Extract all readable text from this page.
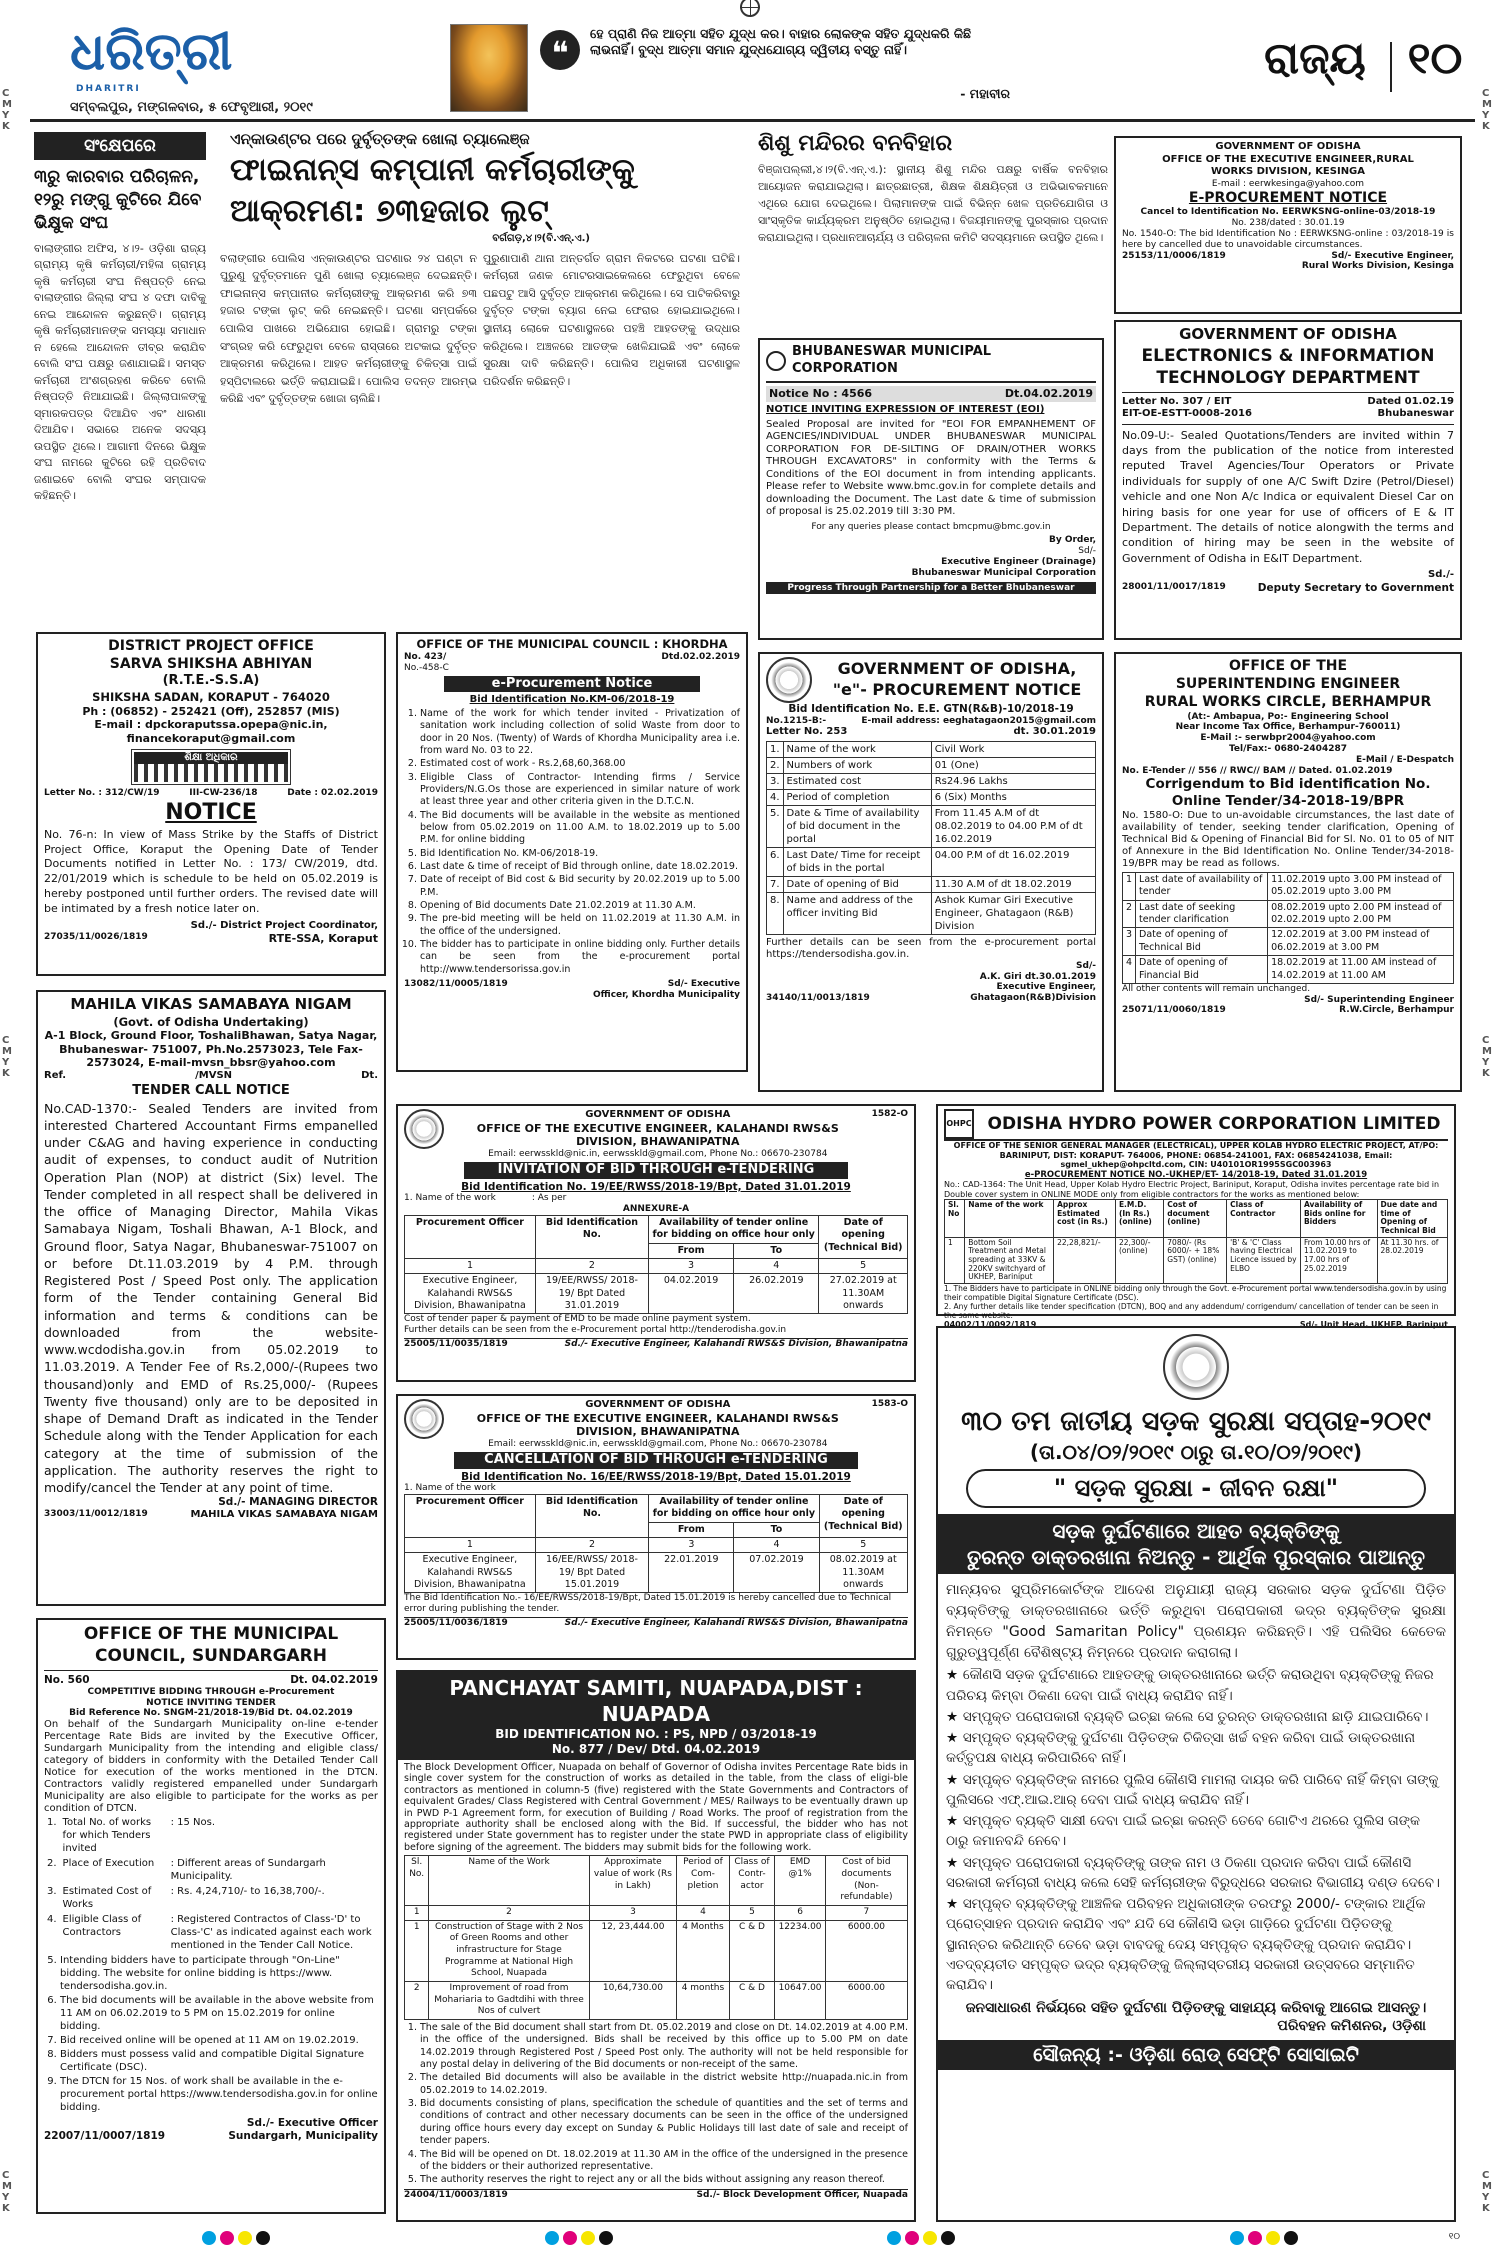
C
M
Y
K
C
M
Y
K
C
M
Y
K
C
M
Y
K
C
M
Y
K
C
M
Y
K
ଧରିତ୍ରୀ
DHARITRI
ସମ୍ବଲପୁର, ମଙ୍ଗଳବାର, ୫ ଫେବୃଆରୀ, ୨୦୧୯
❝
ହେ ପ୍ରାଣି ନିଜ ଆତ୍ମା ସହିତ ଯୁଦ୍ଧ କର। ବାହାର ଲୋକଙ୍କ ସହିତ ଯୁଦ୍ଧକରି କିଛି ଲାଭନାହିଁ। ବୁଦ୍ଧ ଆତ୍ମା ସମାନ ଯୁଦ୍ଧଯୋଗ୍ୟ ଦ୍ୱିତୀୟ ବସ୍ତୁ ନାହିଁ।
- ମହାବୀର
ରାଜ୍ୟ ୧୦
ସଂକ୍ଷେପରେ
୩ରୁ କାରବାର ପରିଚାଳନ, ୧୨ରୁ ମଙ୍ଗୁ କୁଟିରେ ଯିବେ ଭିକ୍ଷୁକ ସଂଘ
ବାଲାଙ୍ଗୀର ଅଫିସ, ୪।୨- ଓଡ଼ିଶା ରାଜ୍ୟ ଗ୍ରାମ୍ୟ କୃଷି କର୍ମଚାରୀ/ମହିଳା ଗ୍ରାମ୍ୟ କୃଷି କର୍ମଚାରୀ ସଂଘ ନିଷ୍ପତ୍ତି ନେଇ ବାଲାଙ୍ଗୀର ଜିଲ୍ଲା ସଂଘ ୪ ଦଫା ଦାବିକୁ ନେଇ ଆନ୍ଦୋଳନ କରୁଛନ୍ତି। ଗ୍ରାମ୍ୟ କୃଷି କର୍ମଚାରୀମାନଙ୍କ ସମସ୍ୟା ସମାଧାନ ନ ହେଲେ ଆନ୍ଦୋଳନ ତୀବ୍ର କରାଯିବ ବୋଲି ସଂଘ ପକ୍ଷରୁ ଜଣାଯାଇଛି। ସମସ୍ତ କର୍ମଚାରୀ ଅଂଶଗ୍ରହଣ କରିବେ ବୋଲି ନିଷ୍ପତ୍ତି ନିଆଯାଇଛି। ଜିଲ୍ଲାପାଳଙ୍କୁ ସ୍ମାରକପତ୍ର ଦିଆଯିବ ଏବଂ ଧାରଣା ଦିଆଯିବ। ସଭାରେ ଅନେକ ସଦସ୍ୟ ଉପସ୍ଥିତ ଥିଲେ। ଆଗାମୀ ଦିନରେ ଭିକ୍ଷୁକ ସଂଘ ନାମରେ କୁଟିରେ ରହି ପ୍ରତିବାଦ ଜଣାଇବେ ବୋଲି ସଂଘର ସମ୍ପାଦକ କହିଛନ୍ତି।
ଏନ୍‌କାଉଣ୍ଟର ପରେ ଦୁର୍ବୃତ୍ତଙ୍କ ଖୋଲା ଚ୍ୟାଲେଞ୍ଜ
ଫାଇନାନ୍ସ କମ୍ପାନୀ କର୍ମଚାରୀଙ୍କୁ
ଆକ୍ରମଣ: ୭୩ହଜାର ଲୁଟ୍
ବର୍ଗଗଡ଼,୪।୨(ବି.ଏନ୍.ଏ.)
ବଲାଙ୍ଗୀର ପୋଲିସ ଏନ୍‌କାଉଣ୍ଟର ଘଟଣାର ୨୪ ଘଣ୍ଟା ନ ପୁରୁଣୁ ଦୁର୍ବୃତ୍ତମାନେ ପୁଣି ଖୋଲା ଚ୍ୟାଲେଞ୍ଜ ଦେଇଛନ୍ତି। ଫାଇନାନ୍ସ କମ୍ପାନୀର କର୍ମଚାରୀଙ୍କୁ ଆକ୍ରମଣ କରି ୭୩ ହଜାର ଟଙ୍କା ଲୁଟ୍ କରି ନେଇଛନ୍ତି। ଘଟଣା ସମ୍ପର୍କରେ ପୋଲିସ ପାଖରେ ଅଭିଯୋଗ ହୋଇଛି। ଗ୍ରାମରୁ ଟଙ୍କା ସଂଗ୍ରହ କରି ଫେରୁଥିବା ବେଳେ ରାସ୍ତାରେ ଅଟକାଇ ଦୁର୍ବୃତ୍ତ ଆକ୍ରମଣ କରିଥିଲେ। ଆହତ କର୍ମଚାରୀଙ୍କୁ ଚିକିତ୍ସା ପାଇଁ ହସ୍ପିଟାଲରେ ଭର୍ତ୍ତି କରାଯାଇଛି। ପୋଲିସ ତଦନ୍ତ ଆରମ୍ଭ କରିଛି ଏବଂ ଦୁର୍ବୃତ୍ତଙ୍କ ଖୋଜା ଚାଲିଛି।
ପୁରୁଣାପାଣି ଥାନା ଅନ୍ତର୍ଗତ ଗ୍ରାମ ନିକଟରେ ଘଟଣା ଘଟିଛି। କର୍ମଚାରୀ ଜଣକ ମୋଟରସାଇକେଲରେ ଫେରୁଥିବା ବେଳେ ପଛପଟୁ ଆସି ଦୁର୍ବୃତ୍ତ ଆକ୍ରମଣ କରିଥିଲେ। ସେ ପାଟିକରିବାରୁ ଦୁର୍ବୃତ୍ତ ଟଙ୍କା ବ୍ୟାଗ ନେଇ ଫେରାର ହୋଇଯାଇଥିଲେ। ସ୍ଥାନୀୟ ଲୋକେ ଘଟଣାସ୍ଥଳରେ ପହଞ୍ଚି ଆହତଙ୍କୁ ଉଦ୍ଧାର କରିଥିଲେ। ଅଞ୍ଚଳରେ ଆତଙ୍କ ଖେଳିଯାଇଛି ଏବଂ ଲୋକେ ସୁରକ୍ଷା ଦାବି କରିଛନ୍ତି। ପୋଲିସ ଅଧିକାରୀ ଘଟଣାସ୍ଥଳ ପରିଦର୍ଶନ କରିଛନ୍ତି।
ଶିଶୁ ମନ୍ଦିରର ବନବିହାର
ବିଞ୍ଜାପଲ୍ଲୀ,୪।୨(ବି.ଏନ୍.ଏ.): ସ୍ଥାନୀୟ ଶିଶୁ ମନ୍ଦିର ପକ୍ଷରୁ ବାର୍ଷିକ ବନବିହାର ଆୟୋଜନ କରାଯାଇଥିଲା। ଛାତ୍ରଛାତ୍ରୀ, ଶିକ୍ଷକ ଶିକ୍ଷୟିତ୍ରୀ ଓ ଅଭିଭାବକମାନେ ଏଥିରେ ଯୋଗ ଦେଇଥିଲେ। ପିଲାମାନଙ୍କ ପାଇଁ ବିଭିନ୍ନ ଖେଳ ପ୍ରତିଯୋଗିତା ଓ ସାଂସ୍କୃତିକ କାର୍ଯ୍ୟକ୍ରମ ଅନୁଷ୍ଠିତ ହୋଇଥିଲା। ବିଜୟୀମାନଙ୍କୁ ପୁରସ୍କାର ପ୍ରଦାନ କରାଯାଇଥିଲା। ପ୍ରଧାନଆଚାର୍ଯ୍ୟ ଓ ପରିଚାଳନା କମିଟି ସଦସ୍ୟମାନେ ଉପସ୍ଥିତ ଥିଲେ।
BHUBANESWAR MUNICIPAL CORPORATION
Notice No : 4566	Dt.04.02.2019
NOTICE INVITING EXPRESSION OF INTEREST (EOI)
Sealed Proposal are invited for "EOI FOR EMPANHEMENT OF AGENCIES/INDIVIDUAL UNDER BHUBANESWAR MUNICIPAL CORPORATION FOR DE-SILTING OF DRAIN/OTHER WORKS THROUGH EXCAVATORS" in conformity with the Terms & Conditions of the EOI document in from intending applicants. Please refer to Website www.bmc.gov.in for complete details and downloading the Document. The Last date & time of submission of proposal is 25.02.2019 till 3:30 PM.
For any queries please contact bmcpmu@bmc.gov.in
By Order,
Sd/-
Executive Engineer (Drainage)
Bhubaneswar Municipal Corporation
Progress Through Partnership for a Better Bhubaneswar
GOVERNMENT OF ODISHA
OFFICE OF THE EXECUTIVE ENGINEER,RURAL
WORKS DIVISION, KESINGA
E-mail : eerwkesinga@yahoo.com
E-PROCUREMENT NOTICE
Cancel to Identification No. EERWKSNG-online-03/2018-19
No. 238/dated : 30.01.19
No. 1540-O: The bid Identification No : EERWKSNG-online : 03/2018-19 is here by cancelled due to unavoidable circumstances.
25153/11/0006/1819	Sd/- Executive Engineer,
Rural Works Division, Kesinga
GOVERNMENT OF ODISHA
ELECTRONICS & INFORMATION
TECHNOLOGY DEPARTMENT
Letter No. 307 / EIT	Dated 01.02.19
EIT-OE-ESTT-0008-2016	Bhubaneswar
No.09-U:- Sealed Quotations/Tenders are invited within 7 days from the publication of the notice from interested reputed Travel Agencies/Tour Operators or Private individuals for supply of one A/C Swift Dzire (Petrol/Diesel) vehicle and one Non A/c Indica or equivalent Diesel Car on hiring basis for one year for use of officers of E & IT Department. The details of notice alongwith the terms and condition of hiring may be seen in the website of Government of Odisha in E&IT Department.
Sd./-
28001/11/0017/1819	Deputy Secretary to Government
DISTRICT PROJECT OFFICE
SARVA SHIKSHA ABHIYAN
(R.T.E.-S.S.A)
SHIKSHA SADAN, KORAPUT - 764020
Ph : (06852) - 252421 (Off), 252857 (MIS)
E-mail : dpckoraputssa.opepa@nic.in,
financekoraput@gmail.com
ଶିକ୍ଷା ଅଧିକାର
Letter No. : 312/CW/19	III-CW-236/18	Date : 02.02.2019
NOTICE
No. 76-n: In view of Mass Strike by the Staffs of District Project Office, Koraput the Opening Date of Tender Documents notified in Letter No. : 173/ CW/2019, dtd. 22/01/2019 which is schedule to be held on 05.02.2019 is hereby postponed until further orders. The revised date will be intimated by a fresh notice later on.
Sd./- District Project Coordinator,
27035/11/0026/1819	RTE-SSA, Koraput
OFFICE OF THE MUNICIPAL COUNCIL : KHORDHA
No. 423/	Dtd.02.02.2019
No.-458-C
e-Procurement Notice
Bid Identification No.KM-06/2018-19
1. Name of the work for which tender invited - Privatization of sanitation work including collection of solid Waste from door to door in 20 Nos. (Twenty) of Wards of Khordha Municipality area i.e. from ward No. 03 to 22.
2. Estimated cost of work - Rs.2,68,60,368.00
3. Eligible Class of Contractor- Intending firms / Service Providers/N.G.Os those are experienced in similar nature of work at least three year and other criteria given in the D.T.C.N.
4. The Bid documents will be available in the website as mentioned below from 05.02.2019 on 11.00 A.M. to 18.02.2019 up to 5.00 P.M. for online bidding
5. Bid Identification No. KM-06/2018-19.
6. Last date & time of receipt of Bid through online, date 18.02.2019.
7. Date of receipt of Bid cost & Bid security by 20.02.2019 up to 5.00 P.M.
8. Opening of Bid documents Date 21.02.2019 at 11.30 A.M.
9. The pre-bid meeting will be held on 11.02.2019 at 11.30 A.M. in the office of the undersigned.
10. The bidder has to participate in online bidding only. Further details can be seen from the e-procurement portal http://www.tendersorissa.gov.in
13082/11/0005/1819	Sd/- Executive
Officer, Khordha Municipality
GOVERNMENT OF ODISHA,
"e"- PROCUREMENT NOTICE
Bid Identification No. E.E. GTN(R&B)-10/2018-19
No.1215-B:-	E-mail address: eeghatagaon2015@gmail.com
Letter No. 253	dt. 30.01.2019
1.	Name of the work	Civil Work
2.	Numbers of work	01 (One)
3.	Estimated cost	Rs24.96 Lakhs
4.	Period of completion	6 (Six) Months
5.	Date & Time of availability of bid document in the portal	From 11.45 A.M of dt 08.02.2019 to 04.00 P.M of dt 16.02.2019
6.	Last Date/ Time for receipt of bids in the portal	04.00 P.M of dt 16.02.2019
7.	Date of opening of Bid	11.30 A.M of dt 18.02.2019
8.	Name and address of the officer inviting Bid	Ashok Kumar Giri Executive Engineer, Ghatagaon (R&B) Division
Further details can be seen from the e-procurement portal https://tendersodisha.gov.in.
Sd/-
A.K. Giri dt.30.01.2019
Executive Engineer,
34140/11/0013/1819	Ghatagaon(R&B)Division
OFFICE OF THE
SUPERINTENDING ENGINEER
RURAL WORKS CIRCLE, BERHAMPUR
(At:- Ambapua, Po:- Engineering School
Near Income Tax Office, Berhampur-760011)
E-Mail :- serwbpr2004@yahoo.com
Tel/Fax:- 0680-2404287
E-Mail / E-Despatch
No. E-Tender // 556 // RWC// BAM // Dated. 01.02.2019
Corrigendum to Bid identification No. Online Tender/34-2018-19/BPR
No. 1580-O: Due to un-avoidable circumstances, the last date of availability of tender, seeking tender clarification, Opening of Technical Bid & Opening of Financial Bid for Sl. No. 01 to 05 of NIT of Annexure in the Bid Identification No. Online Tender/34-2018-19/BPR may be read as follows.
1	Last date of availability of tender	11.02.2019 upto 3.00 PM instead of 05.02.2019 upto 3.00 PM
2	Last date of seeking tender clarification	08.02.2019 upto 2.00 PM instead of 02.02.2019 upto 2.00 PM
3	Date of opening of Technical Bid	12.02.2019 at 3.00 PM instead of 06.02.2019 at 3.00 PM
4	Date of opening of Financial Bid	18.02.2019 at 11.00 AM instead of 14.02.2019 at 11.00 AM
All other contents will remain unchanged.
Sd/- Superintending Engineer
25071/11/0060/1819	R.W.Circle, Berhampur
MAHILA VIKAS SAMABAYA NIGAM
(Govt. of Odisha Undertaking)
A-1 Block, Ground Floor, ToshaliBhawan, Satya Nagar, Bhubaneswar- 751007, Ph.No.2573023, Tele Fax- 2573024, E-mail-mvsn_bbsr@yahoo.com
Ref.	/MVSN	Dt.
TENDER CALL NOTICE
No.CAD-1370:- Sealed Tenders are invited from interested Chartered Accountant Firms empanelled under C&AG and having experience in conducting audit of expenses, to conduct audit of Nutrition Operation Plan (NOP) at district (Six) level. The Tender completed in all respect shall be delivered in the office of Managing Director, Mahila Vikas Samabaya Nigam, Toshali Bhawan, A-1 Block, and Ground floor, Satya Nagar, Bhubaneswar-751007 on or before Dt.11.03.2019 by 4 P.M. through Registered Post / Speed Post only. The application form of the Tender containing General Bid information and terms & conditions can be downloaded from the website- www.wcdodisha.gov.in from 05.02.2019 to 11.03.2019. A Tender Fee of Rs.2,000/-(Rupees two thousand)only and EMD of Rs.25,000/- (Rupees Twenty five thousand) only are to be deposited in shape of Demand Draft as indicated in the Tender Schedule along with the Tender Application for each category at the time of submission of the application. The authority reserves the right to modify/cancel the Tender at any point of time.
Sd./- MANAGING DIRECTOR
33003/11/0012/1819	MAHILA VIKAS SAMABAYA NIGAM
GOVERNMENT OF ODISHA
OFFICE OF THE EXECUTIVE ENGINEER, KALAHANDI RWS&S DIVISION, BHAWANIPATNA
Email: eerwsskld@nic.in, eerwsskld@gmail.com, Phone No.: 06670-230784
1582-O
INVITATION OF BID THROUGH e-TENDERING
Bid Identification No. 19/EE/RWSS/2018-19/Bpt, Dated 31.01.2019
1. Name of the work	: As per
ANNEXURE-A
Procurement Officer	Bid Identification No.	Availability of tender online for bidding on office hour only		Date of opening (Technical Bid)
		From	To	
1	2	3	4	5
Executive Engineer, Kalahandi RWS&S Division, Bhawanipatna	19/EE/RWSS/ 2018-19/ Bpt Dated 31.01.2019	04.02.2019	26.02.2019	27.02.2019 at 11.30AM onwards
Cost of tender paper & payment of EMD to be made online payment system.
Further details can be seen from the e-Procurement portal http://tenderodisha.gov.in
25005/11/0035/1819	Sd./- Executive Engineer, Kalahandi RWS&S Division, Bhawanipatna
GOVERNMENT OF ODISHA
OFFICE OF THE EXECUTIVE ENGINEER, KALAHANDI RWS&S DIVISION, BHAWANIPATNA
Email: eerwsskld@nic.in, eerwsskld@gmail.com, Phone No.: 06670-230784
1583-O
CANCELLATION OF BID THROUGH e-TENDERING
Bid Identification No. 16/EE/RWSS/2018-19/Bpt, Dated 15.01.2019
1. Name of the work
Procurement Officer	Bid Identification No.	Availability of tender online for bidding on office hour only		Date of opening (Technical Bid)
		From	To	
1	2	3	4	5
Executive Engineer, Kalahandi RWS&S Division, Bhawanipatna	16/EE/RWSS/ 2018- 19/ Bpt Dated 15.01.2019	22.01.2019	07.02.2019	08.02.2019 at 11.30AM onwards
The Bid Identification No.- 16/EE/RWSS/2018-19/Bpt, Dated 15.01.2019 is hereby cancelled due to Technical error during publishing the tender.
25005/11/0036/1819	Sd./- Executive Engineer, Kalahandi RWS&S Division, Bhawanipatna
OHPC ODISHA HYDRO POWER CORPORATION LIMITED
OFFICE OF THE SENIOR GENERAL MANAGER (ELECTRICAL), UPPER KOLAB HYDRO ELECTRIC PROJECT, AT/PO: BARINIPUT, DIST: KORAPUT- 764006, PHONE: 06854-241001, FAX: 06854241038, Email: sgmel_ukhep@ohpcltd.com, CIN: U40101OR1995SGC003963
e-PROCUREMENT NOTICE NO.-UKHEP/ET- 14/2018-19, Dated 31.01.2019
No.: CAD-1364: The Unit Head, Upper Kolab Hydro Electric Project, Bariniput, Koraput, Odisha invites percentage rate bid in Double cover system in ONLINE MODE only from eligible contractors for the works as mentioned below:
Sl. No	Name of the work	Approx Estimated cost (in Rs.)	E.M.D. (In Rs.) (online)	Cost of document (online)	Class of Contractor	Availability of Bids online for Bidders	Due date and time of Opening of Technical Bid
1	Bottom Soil Treatment and Metal spreading at 33KV & 220KV switchyard of UKHEP, Bariniput	22,28,821/-	22,300/- (online)	7080/- (Rs 6000/- + 18% GST) (online)	'B' & 'C' Class having Electrical Licence issued by ELBO	From 10.00 hrs of 11.02.2019 to 17.00 hrs of 25.02.2019	At 11.30 hrs. of 28.02.2019
1. The Bidders have to participate in ONLINE bidding only through the Govt. e-Procurement portal www.tendersodisha.gov.in by using their compatible Digital Signature Certificate (DSC).
2. Any further details like tender specification (DTCN), BOQ and any addendum/ corrigendum/ cancellation of tender can be seen in the same website.
04002/11/0092/1819	Sd/- Unit Head, UKHEP, Bariniput
୩୦ ତମ ଜାତୀୟ ସଡ଼କ ସୁରକ୍ଷା ସପ୍ତାହ-୨୦୧୯
(ତା.୦୪/୦୨/୨୦୧୯ ଠାରୁ ତା.୧୦/୦୨/୨୦୧୯)
" ସଡ଼କ ସୁରକ୍ଷା - ଜୀବନ ରକ୍ଷା"
ସଡ଼କ ଦୁର୍ଘଟଣାରେ ଆହତ ବ୍ୟକ୍ତିଙ୍କୁ
ତୁରନ୍ତ ଡାକ୍ତରଖାନା ନିଅନ୍ତୁ - ଆର୍ଥିକ ପୁରସ୍କାର ପାଆନ୍ତୁ
ମାନ୍ୟବର ସୁପ୍ରିମକୋର୍ଟଙ୍କ ଆଦେଶ ଅନୁଯାୟୀ ରାଜ୍ୟ ସରକାର ସଡ଼କ ଦୁର୍ଘଟଣା ପିଡ଼ିତ ବ୍ୟକ୍ତିଙ୍କୁ ଡାକ୍ତରଖାନାରେ ଭର୍ତ୍ତି କରୁଥିବା ପରୋପକାରୀ ଭଦ୍ର ବ୍ୟକ୍ତିଙ୍କ ସୁରକ୍ଷା ନିମନ୍ତେ "Good Samaritan Policy" ପ୍ରଣୟନ କରିଛନ୍ତି। ଏହି ପଲିସିର କେତେକ ଗୁରୁତ୍ୱପୂର୍ଣ୍ଣ ବୈଶିଷ୍ଟ୍ୟ ନିମ୍ନରେ ପ୍ରଦାନ କରାଗଲା।
★ କୌଣସି ସଡ଼କ ଦୁର୍ଘଟଣାରେ ଆହତଙ୍କୁ ଡାକ୍ତରଖାନାରେ ଭର୍ତ୍ତି କରାଉଥିବା ବ୍ୟକ୍ତିଙ୍କୁ ନିଜର ପରିଚୟ କିମ୍ବା ଠିକଣା ଦେବା ପାଇଁ ବାଧ୍ୟ କରାଯିବ ନାହିଁ।
★ ସମ୍ପୃକ୍ତ ପରୋପକାରୀ ବ୍ୟକ୍ତି ଇଚ୍ଛା କଲେ ସେ ତୁରନ୍ତ ଡାକ୍ତରଖାନା ଛାଡ଼ି ଯାଇପାରିବେ।
★ ସମ୍ପୃକ୍ତ ବ୍ୟକ୍ତିଙ୍କୁ ଦୁର୍ଘଟଣା ପିଡ଼ିତଙ୍କ ଚିକିତ୍ସା ଖର୍ଚ୍ଚ ବହନ କରିବା ପାଇଁ ଡାକ୍ତରଖାନା କର୍ତ୍ତୃପକ୍ଷ ବାଧ୍ୟ କରିପାରିବେ ନାହିଁ।
★ ସମ୍ପୃକ୍ତ ବ୍ୟକ୍ତିଙ୍କ ନାମରେ ପୁଲିସ କୌଣସି ମାମଲା ଦାୟର କରି ପାରିବେ ନାହିଁ କିମ୍ବା ତାଙ୍କୁ ପୁଲିସରେ ଏଫ୍.ଆଇ.ଆର୍ ଦେବା ପାଇଁ ବାଧ୍ୟ କରାଯିବ ନାହିଁ।
★ ସମ୍ପୃକ୍ତ ବ୍ୟକ୍ତି ସାକ୍ଷୀ ଦେବା ପାଇଁ ଇଚ୍ଛା କରନ୍ତି ତେବେ ଗୋଟିଏ ଥରରେ ପୁଲିସ ତାଙ୍କ ଠାରୁ ଜମାନବନ୍ଦି ନେବେ।
★ ସମ୍ପୃକ୍ତ ପରୋପକାରୀ ବ୍ୟକ୍ତିଙ୍କୁ ତାଙ୍କ ନାମ ଓ ଠିକଣା ପ୍ରଦାନ କରିବା ପାଇଁ କୌଣସି ସରକାରୀ କର୍ମଚାରୀ ବାଧ୍ୟ କଲେ ସେହି କର୍ମଚାରୀଙ୍କ ବିରୁଦ୍ଧରେ ସରକାର ବିଭାଗୀୟ ଦଣ୍ଡ ଦେବେ।
★ ସମ୍ପୃକ୍ତ ବ୍ୟକ୍ତିଙ୍କୁ ଆଞ୍ଚଳିକ ପରିବହନ ଅଧିକାରୀଙ୍କ ତରଫରୁ 2000/- ଟଙ୍କାର ଆର୍ଥିକ ପ୍ରୋତ୍ସାହନ ପ୍ରଦାନ କରାଯିବ ଏବଂ ଯଦି ସେ କୌଣସି ଭଡ଼ା ଗାଡ଼ିରେ ଦୁର୍ଘଟଣା ପିଡ଼ିତଙ୍କୁ ସ୍ଥାନାନ୍ତର କରିଥାନ୍ତି ତେବେ ଭଡ଼ା ବାବଦକୁ ଦେୟ ସମ୍ପୃକ୍ତ ବ୍ୟକ୍ତିଙ୍କୁ ପ୍ରଦାନ କରାଯିବ। ଏତଦ୍‌ବ୍ୟତୀତ ସମ୍ପୃକ୍ତ ଭଦ୍ର ବ୍ୟକ୍ତିଙ୍କୁ ଜିଲ୍ଲାସ୍ତରୀୟ ସରକାରୀ ଉତ୍ସବରେ ସମ୍ମାନିତ କରାଯିବ।
ଜନସାଧାରଣ ନିର୍ଭୟରେ ସହିତ ଦୁର୍ଘଟଣା ପିଡ଼ିତଙ୍କୁ ସାହାଯ୍ୟ କରିବାକୁ ଆଗେଇ ଆସନ୍ତୁ।
ପରିବହନ କମିଶନର, ଓଡ଼ିଶା
ସୌଜନ୍ୟ :- ଓଡ଼ିଶା ରୋଡ୍ ସେଫ୍ଟି ସୋସାଇଟି
OFFICE OF THE MUNICIPAL
COUNCIL, SUNDARGARH
No. 560	Dt. 04.02.2019
COMPETITIVE BIDDING THROUGH e-Procurement
NOTICE INVITING TENDER
Bid Reference No. SNGM-21/2018-19/Bid Dt. 04.02.2019
On behalf of the Sundargarh Municipality on-line e-tender Percentage Rate Bids are invited by the Executive Officer, Sundargarh Municipality from the intending and eligible class/ category of bidders in conformity with the Detailed Tender Call Notice for execution of the works mentioned in the DTCN. Contractors validly registered empanelled under Sundargarh Municipality are also eligible to participate for the works as per condition of DTCN.
1.	Total No. of works for which Tenders invited	: 15 Nos.
2.	Place of Execution	: Different areas of Sundargarh Municipality.
3.	Estimated Cost of Works	: Rs. 4,24,710/- to 16,38,700/-.
4.	Eligible Class of Contractors	: Registered Contractos of Class-'D' to Class-'C' as indicated against each work mentioned in the Tender Call Notice.
5. Intending bidders have to participate through "On-Line" bidding. The website for online bidding is https://www. tendersodisha.gov.in.
6. The bid documents will be available in the above website from 11 AM on 06.02.2019 to 5 PM on 15.02.2019 for online bidding.
7. Bid received online will be opened at 11 AM on 19.02.2019.
8. Bidders must possess valid and compatible Digital Signature Certificate (DSC).
9. The DTCN for 15 Nos. of work shall be available in the e-procurement portal https://www.tendersodisha.gov.in for online bidding.
Sd./- Executive Officer
22007/11/0007/1819	Sundargarh, Municipality
PANCHAYAT SAMITI, NUAPADA,DIST : NUAPADA
BID IDENTIFICATION NO. : PS, NPD / 03/2018-19
No. 877 / Dev/ Dtd. 04.02.2019
The Block Development Officer, Nuapada on behalf of Governor of Odisha invites Percentage Rate bids in single cover system for the construction of works as detailed in the table, from the class of eligi-ble contractors as mentioned in column-5 (five) registered with the State Governments and Contractors of equivalent Grades/ Class Registered with Central Government / MES/ Railways to be eventually drawn up in PWD P-1 Agreement form, for execution of Building / Road Works. The proof of registration from the appropriate authority shall be enclosed along with the Bid. If successful, the bidder who has not registered under State government has to register under the state PWD in appropriate class of eligibility before signing of the agreement. The bidders may submit bids for the following work.
Sl. No.	Name of the Work	Approximate value of work (Rs in Lakh)	Period of Com- pletion	Class of Contr- actor	EMD @1%	Cost of bid documents (Non- refundable)
1	2	3	4	5	6	7
1	Construction of Stage with 2 Nos of Green Rooms and other infrastructure for Stage Programme at National High School, Nuapada	12, 23,444.00	4 Months	C & D	12234.00	6000.00
2	Improvement of road from Mohariaria to Gadtdihi with three Nos of culvert	10,64,730.00	4 months	C & D	10647.00	6000.00
1. The sale of the Bid document shall start from Dt. 05.02.2019 and close on Dt. 14.02.2019 at 4.00 P.M. in the office of the undersigned. Bids shall be received by this office up to 5.00 PM on date 14.02.2019 through Registered Post / Speed Post only. The authority will not be held responsible for any postal delay in delivering of the Bid documents or non-receipt of the same.
2. The detailed Bid documents will also be available in the district website http://nuapada.nic.in from 05.02.2019 to 14.02.2019.
3. Bid documents consisting of plans, specification the schedule of quantities and the set of terms and conditions of contract and other necessary documents can be seen in the office of the undersigned during office hours every day except on Sunday & Public Holidays till last date of sale and receipt of tender papers.
4. The Bid will be opened on Dt. 18.02.2019 at 11.30 AM in the office of the undersigned in the presence of the bidders or their authorized representative.
5. The authority reserves the right to reject any or all the bids without assigning any reason thereof.
24004/11/0003/1819	Sd./- Block Development Officer, Nuapada
୧୦
